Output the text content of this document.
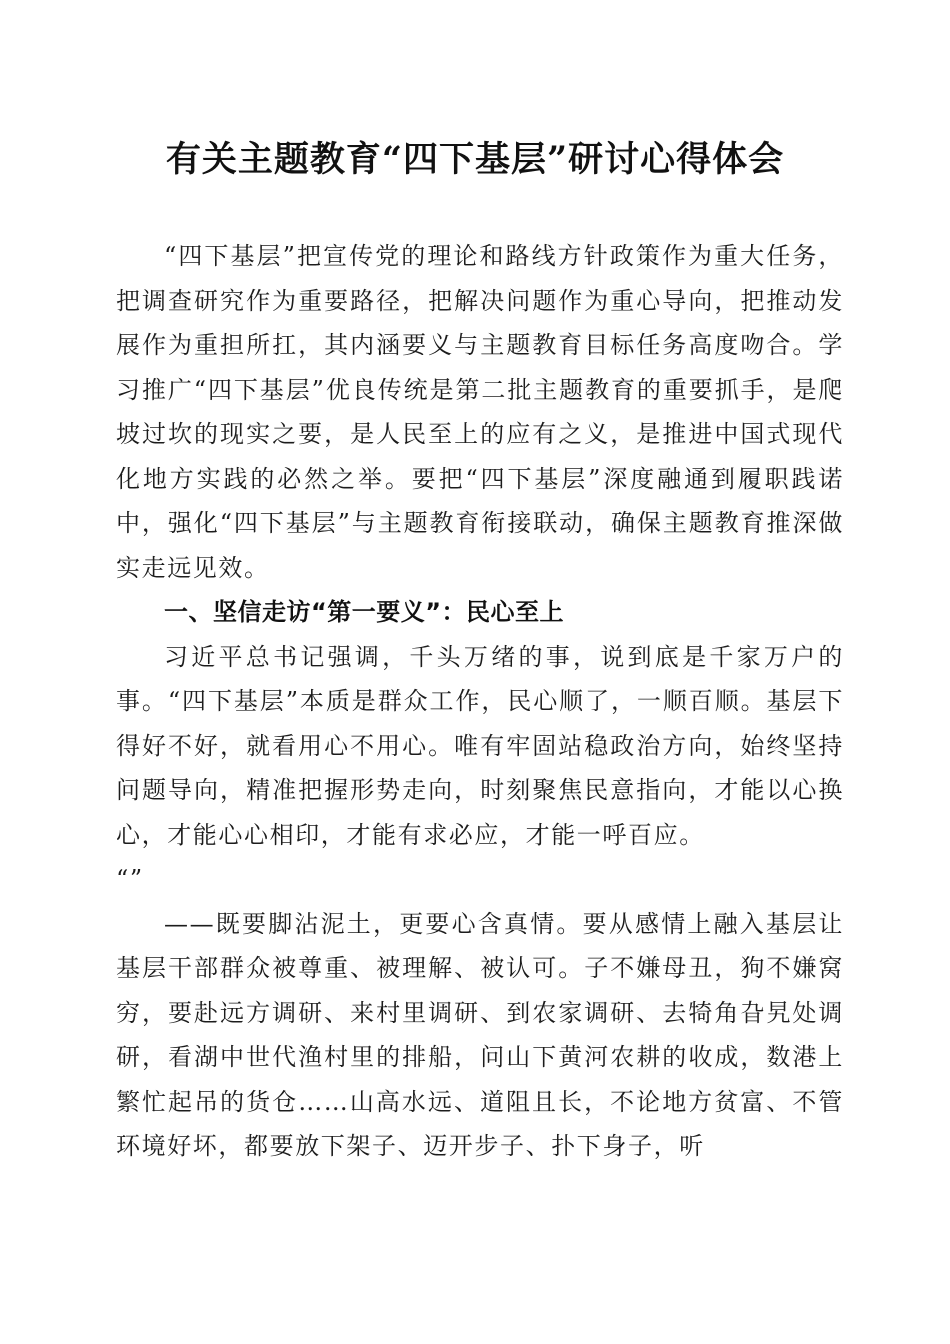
有关主题教育“四下基层”研讨心得体会

“四下基层”把宣传党的理论和路线方针政策作为重大任务，把调查研究作为重要路径，把解决问题作为重心导向，把推动发展作为重担所扛，其内涵要义与主题教育目标任务高度吻合。学习推广“四下基层”优良传统是第二批主题教育的重要抓手，是爬坡过坎的现实之要，是人民至上的应有之义，是推进中国式现代化地方实践的必然之举。要把“四下基层”深度融通到履职践诺中，强化“四下基层”与主题教育衔接联动，确保主题教育推深做实走远见效。

一、坚信走访“第一要义”：民心至上

习近平总书记强调，千头万绪的事，说到底是千家万户的事。“四下基层”本质是群众工作，民心顺了，一顺百顺。基层下得好不好，就看用心不用心。唯有牢固站稳政治方向，始终坚持问题导向，精准把握形势走向，时刻聚焦民意指向，才能以心换心，才能心心相印，才能有求必应，才能一呼百应。

“”

——既要脚沾泥土，更要心含真情。要从感情上融入基层让基层干部群众被尊重、被理解、被认可。子不嫌母丑，狗不嫌窝穷，要赴远方调研、来村里调研、到农家调研、去犄角旮旯处调研，看湖中世代渔村里的排船，问山下黄河农耕的收成，数港上繁忙起吊的货仓……山高水远、道阻且长，不论地方贫富、不管环境好坏，都要放下架子、迈开步子、扑下身子，听
